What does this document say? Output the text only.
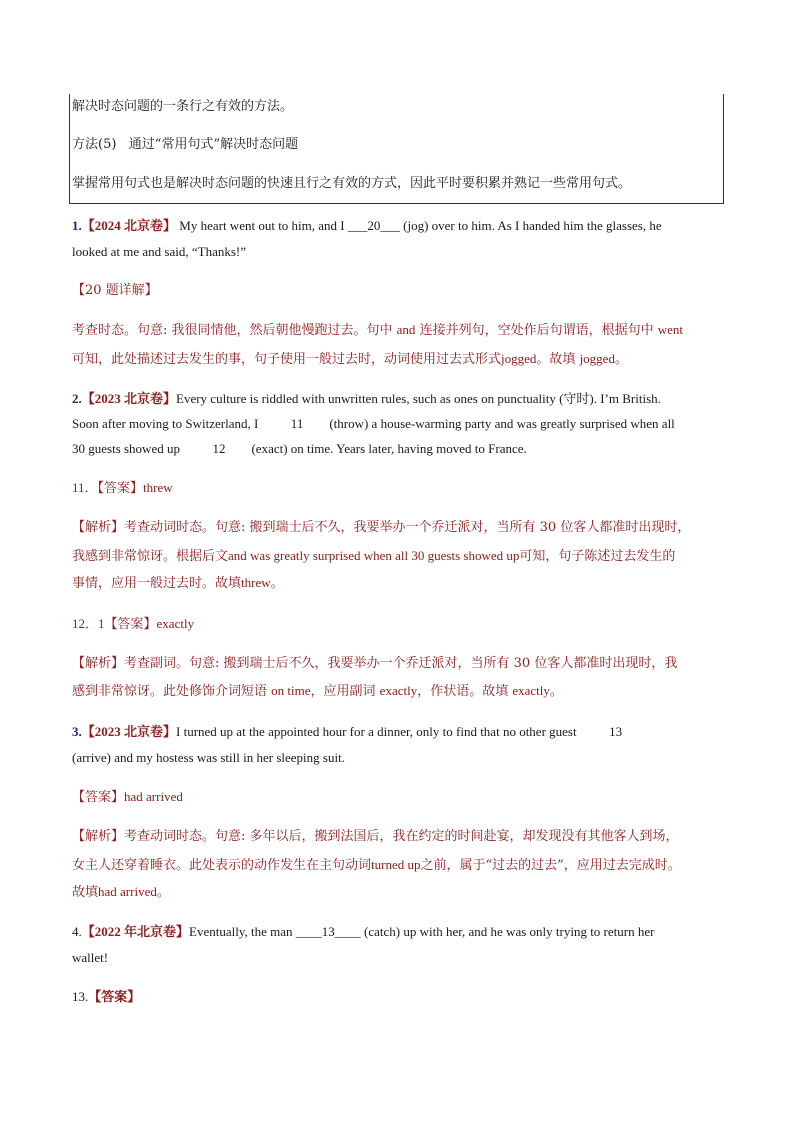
解决时态问题的一条行之有效的方法。
方法(5)   通过“常用句式”解决时态问题
掌握常用句式也是解决时态问题的快速且行之有效的方式，因此平时要积累并熟记一些常用句式。
1.【2024 北京卷】 My heart went out to him, and I ___20___ (jog) over to him. As I handed him the glasses, he
looked at me and said, “Thanks!”
【20 题详解】
考查时态。句意: 我很同情他，然后朝他慢跑过去。句中 and 连接并列句，空处作后句谓语，根据句中 went
可知，此处描述过去发生的事，句子使用一般过去时，动词使用过去式形式jogged。故填 jogged。
2.【2023 北京卷】Every culture is riddled with unwritten rules, such as ones on punctuality (守时). I’m British.
Soon after moving to Switzerland, I          11        (throw) a house-warming party and was greatly surprised when all
30 guests showed up          12        (exact) on time. Years later, having moved to France.
11．【答案】threw
【解析】考查动词时态。句意: 搬到瑞士后不久，我要举办一个乔迁派对，当所有 30 位客人都准时出现时，
我感到非常惊讶。根据后文and was greatly surprised when all 30 guests showed up可知，句子陈述过去发生的
事情，应用一般过去时。故填threw。
12．1【答案】exactly
【解析】考查副词。句意: 搬到瑞士后不久，我要举办一个乔迁派对，当所有 30 位客人都准时出现时，我
感到非常惊讶。此处修饰介词短语 on time，应用副词 exactly，作状语。故填 exactly。
3.【2023 北京卷】I turned up at the appointed hour for a dinner, only to find that no other guest          13
(arrive) and my hostess was still in her sleeping suit.
【答案】had arrived
【解析】考查动词时态。句意: 多年以后，搬到法国后，我在约定的时间赴宴，却发现没有其他客人到场，
女主人还穿着睡衣。此处表示的动作发生在主句动词turned up之前，属于“过去的过去”，应用过去完成时。
故填had arrived。
4.【2022 年北京卷】Eventually, the man ____13____ (catch) up with her, and he was only trying to return her
wallet!
13.【答案】
